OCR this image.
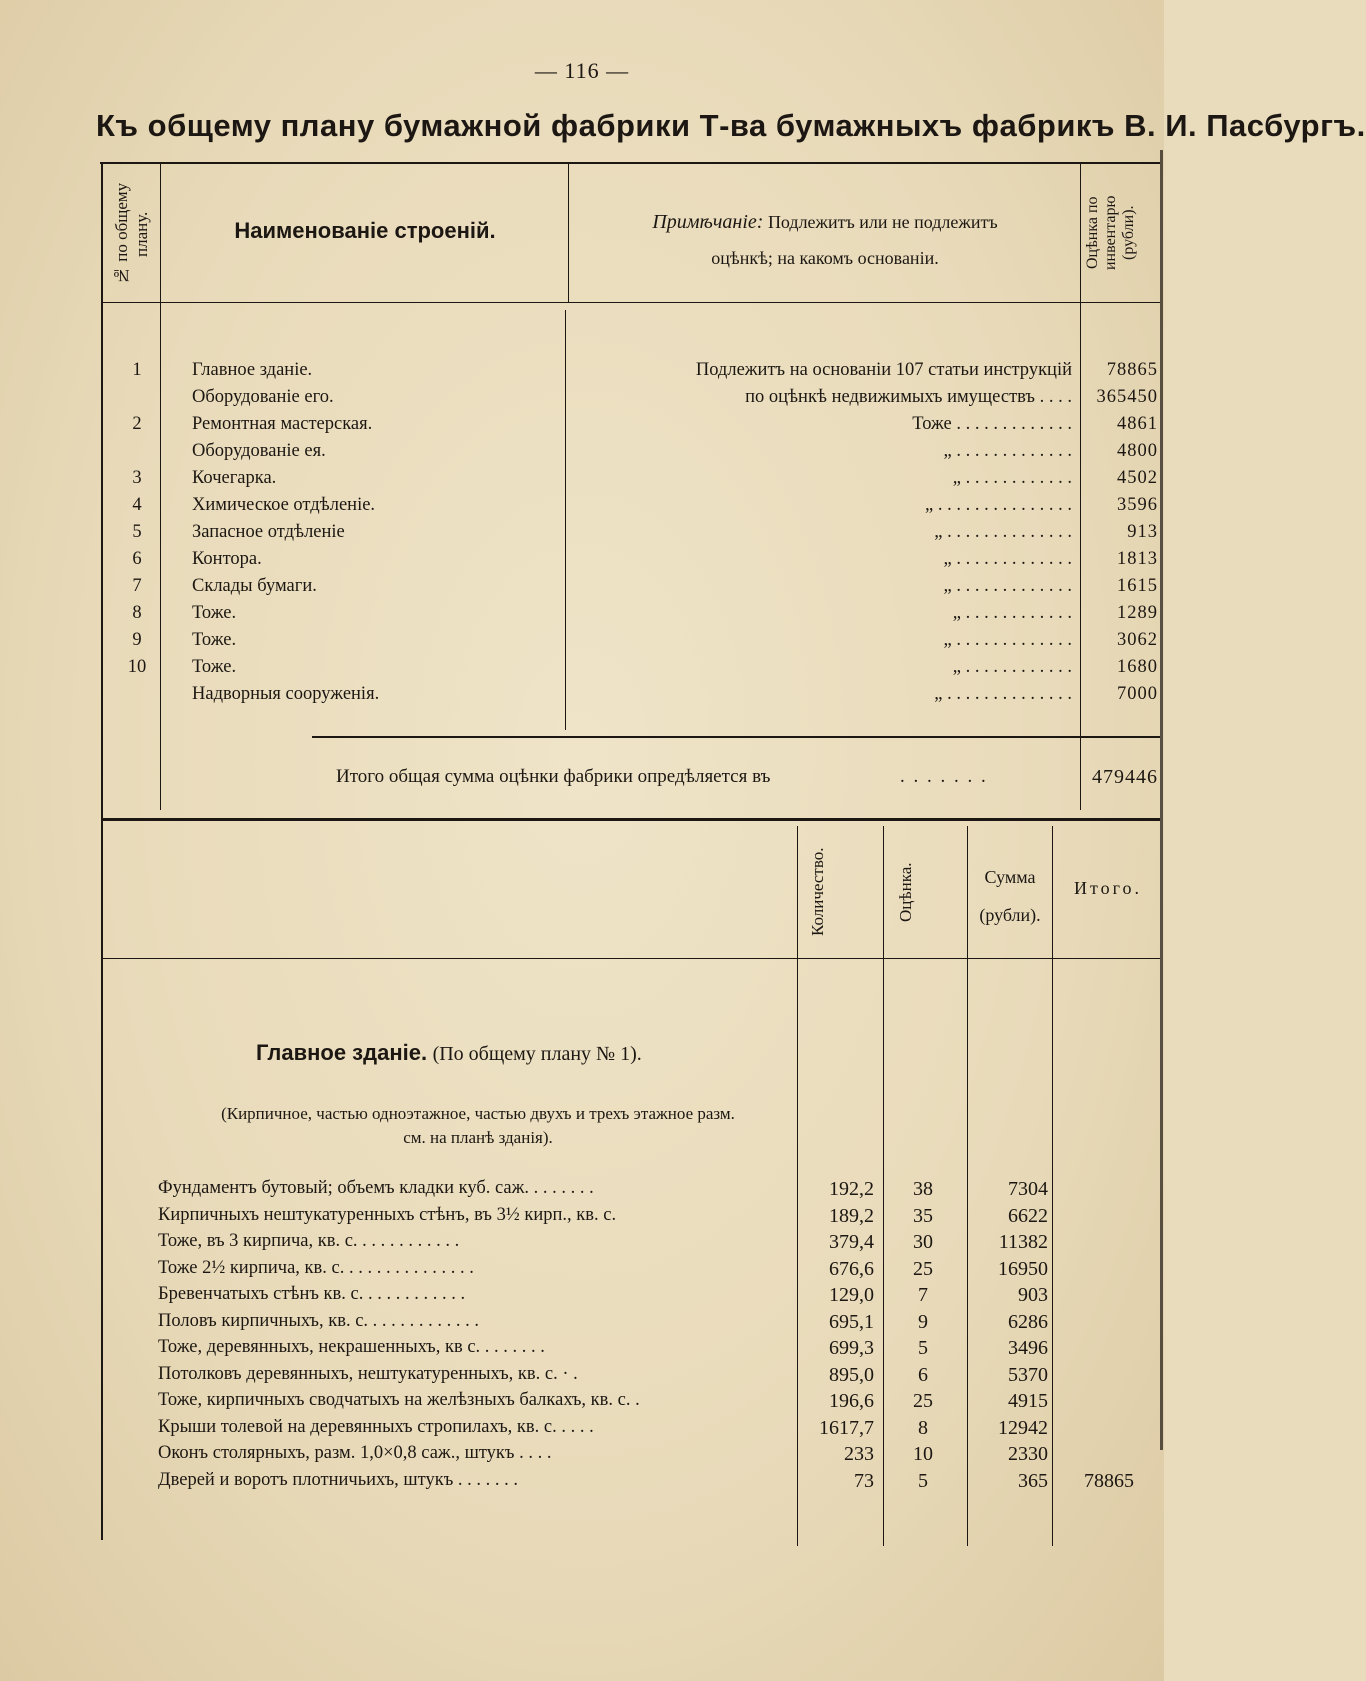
— 116 —
Къ общему плану бумажной фабрики Т-ва бумажныхъ фабрикъ В. И. Пасбургъ.
№ по общему плану.	Наименованіе строеній.	Примѣчаніе: Подлежитъ или не подлежитъ
оцѣнкѣ; на какомъ основаніи.	Оцѣнка по инвентарю (рубли).
1	Главное зданіе.	Подлежитъ на основаніи 107 статьи инструкцій	78865
Оборудованіе его.	по оцѣнкѣ недвижимыхъ имуществъ . . . .	365450
2	Ремонтная мастерская.	Тоже . . . . . . . . . . . . .	4861
Оборудованіе ея.	„ . . . . . . . . . . . . .	4800
3	Кочегарка.	„ . . . . . . . . . . . .	4502
4	Химическое отдѣленіе.	„ . . . . . . . . . . . . . . .	3596
5	Запасное отдѣленіе	„ . . . . . . . . . . . . . .	913
6	Контора.	„ . . . . . . . . . . . . .	1813
7	Склады бумаги.	„ . . . . . . . . . . . . .	1615
8	Тоже.	„ . . . . . . . . . . . .	1289
9	Тоже.	„ . . . . . . . . . . . . .	3062
10	Тоже.	„ . . . . . . . . . . . .	1680
Надворныя сооруженія.	„ . . . . . . . . . . . . . .	7000
Итого общая сумма оцѣнки фабрики опредѣляется въ	. . . . . . .	479446
Количество.	Оцѣнка.	Сумма
(рубли).
Итого.
Главное зданіе. (По общему плану № 1).
(Кирпичное, частью одноэтажное, частью двухъ и трехъ этажное разм.
см. на планѣ зданія).
Фундаментъ бутовый; объемъ кладки куб. саж. . . . . . . .	192,2	38	7304
Кирпичныхъ нештукатуренныхъ стѣнъ, въ 3½ кирп., кв. с.	189,2	35	6622
Тоже, въ 3 кирпича, кв. с. . . . . . . . . . . .	379,4	30	11382
Тоже 2½ кирпича, кв. с. . . . . . . . . . . . . . .	676,6	25	16950
Бревенчатыхъ стѣнъ кв. с. . . . . . . . . . . .	129,0	7	903
Половъ кирпичныхъ, кв. с. . . . . . . . . . . . .	695,1	9	6286
Тоже, деревянныхъ, некрашенныхъ, кв с. . . . . . . .	699,3	5	3496
Потолковъ деревянныхъ, нештукатуренныхъ, кв. с. · .	895,0	6	5370
Тоже, кирпичныхъ сводчатыхъ на желѣзныхъ балкахъ, кв. с. .	196,6	25	4915
Крыши толевой на деревянныхъ стропилахъ, кв. с. . . . .	1617,7	8	12942
Оконъ столярныхъ, разм. 1,0×0,8 саж., штукъ . . . .	233	10	2330
Дверей и воротъ плотничьихъ, штукъ . . . . . . .	73	5	365	78865
